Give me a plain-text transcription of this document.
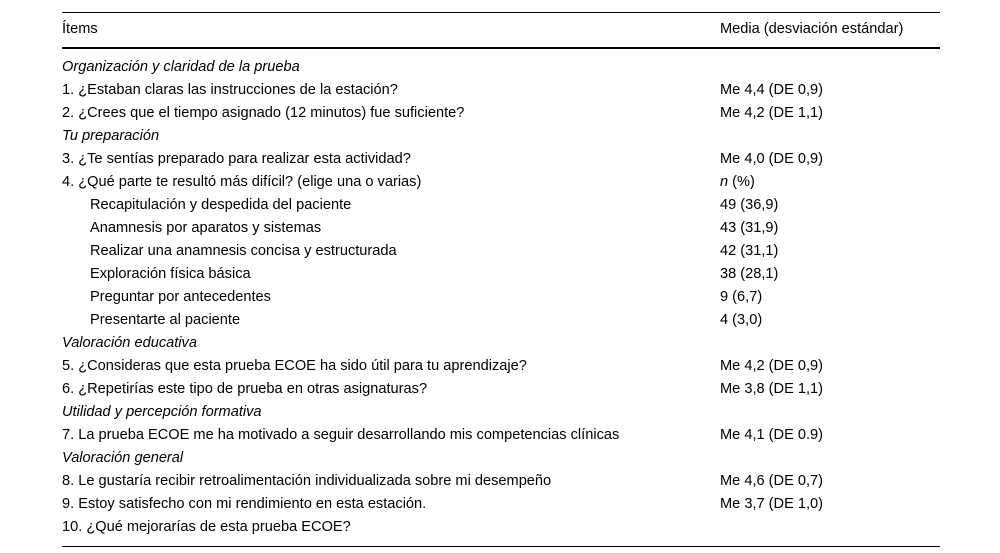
Ítems	Media (desviación estándar)
Organización y claridad de la prueba	
1. ¿Estaban claras las instrucciones de la estación?	Me 4,4 (DE 0,9)
2. ¿Crees que el tiempo asignado (12 minutos) fue suficiente?	Me 4,2 (DE 1,1)
Tu preparación	
3. ¿Te sentías preparado para realizar esta actividad?	Me 4,0 (DE 0,9)
4. ¿Qué parte te resultó más difícil? (elige una o varias)	n (%)
Recapitulación y despedida del paciente	49 (36,9)
Anamnesis por aparatos y sistemas	43 (31,9)
Realizar una anamnesis concisa y estructurada	42 (31,1)
Exploración física básica	38 (28,1)
Preguntar por antecedentes	9 (6,7)
Presentarte al paciente	4 (3,0)
Valoración educativa	
5. ¿Consideras que esta prueba ECOE ha sido útil para tu aprendizaje?	Me 4,2 (DE 0,9)
6. ¿Repetirías este tipo de prueba en otras asignaturas?	Me 3,8 (DE 1,1)
Utilidad y percepción formativa	
7. La prueba ECOE me ha motivado a seguir desarrollando mis competencias clínicas	Me 4,1 (DE 0.9)
Valoración general	
8. Le gustaría recibir retroalimentación individualizada sobre mi desempeño	Me 4,6 (DE 0,7)
9. Estoy satisfecho con mi rendimiento en esta estación.	Me 3,7 (DE 1,0)
10. ¿Qué mejorarías de esta prueba ECOE?	
